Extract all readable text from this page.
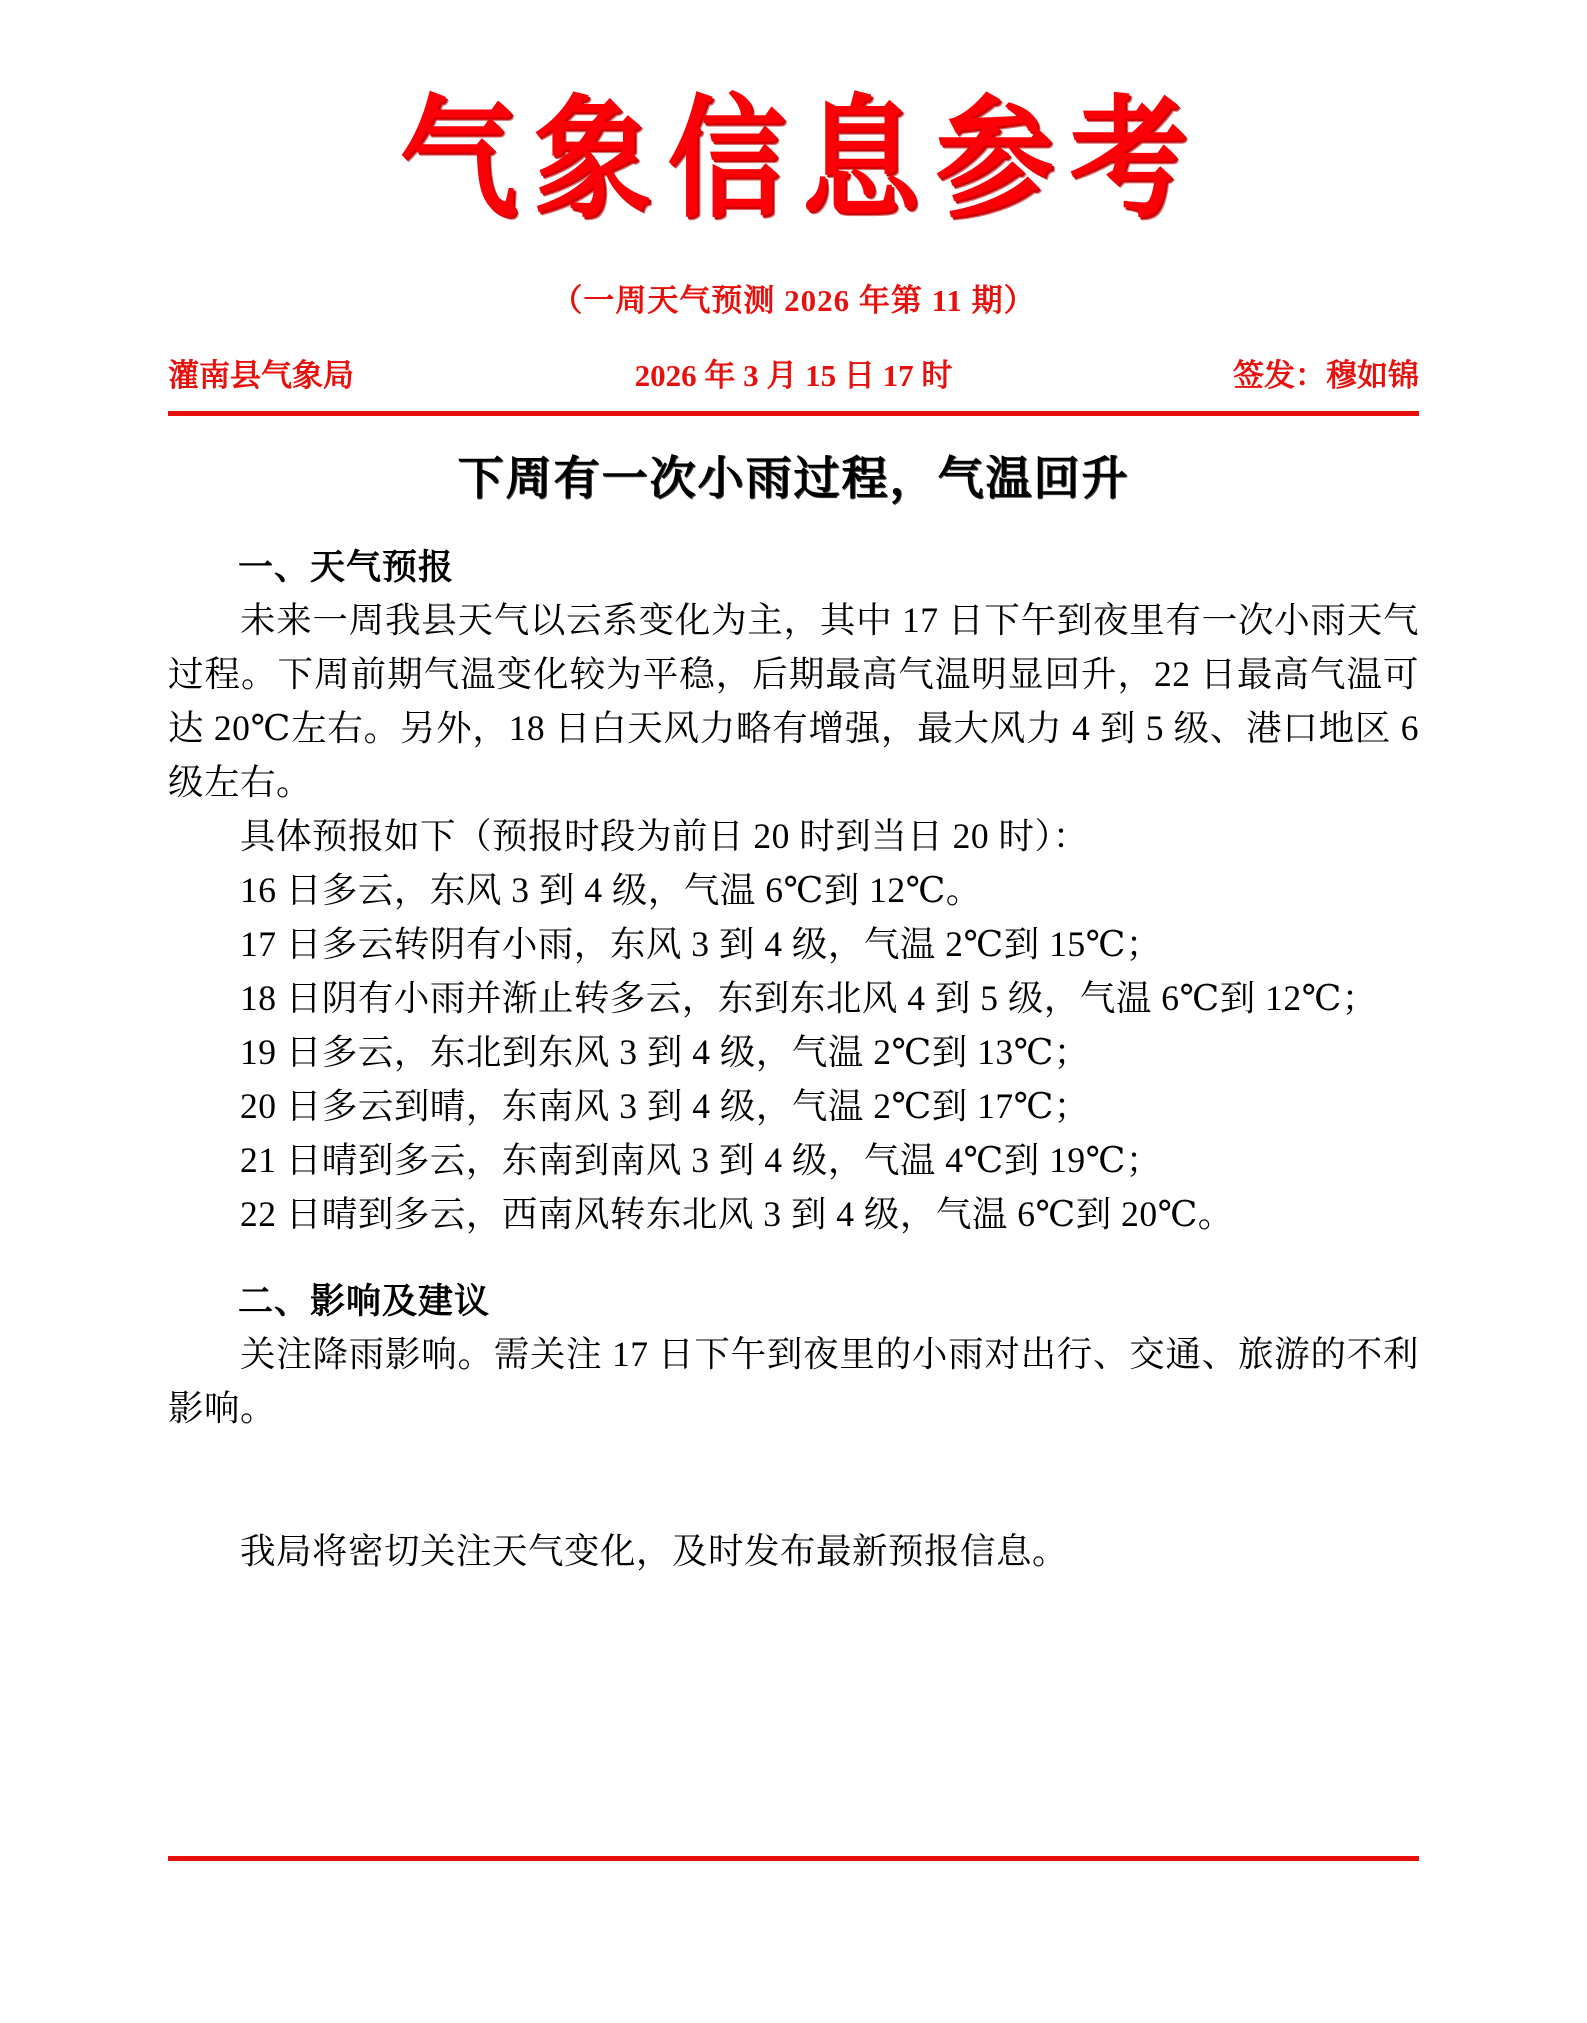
气象信息参考
（一周天气预测 2026 年第 11 期）
灌南县气象局	2026 年 3 月 15 日 17 时	签发：穆如锦
下周有一次小雨过程，气温回升
一、天气预报

未来一周我县天气以云系变化为主，其中 17 日下午到夜里有一次小雨天气过程。下周前期气温变化较为平稳，后期最高气温明显回升，22 日最高气温可达 20℃左右。另外，18 日白天风力略有增强，最大风力 4 到 5 级、港口地区 6 级左右。

具体预报如下（预报时段为前日 20 时到当日 20 时）：

16 日多云，东风 3 到 4 级，气温 6℃到 12℃。
17 日多云转阴有小雨，东风 3 到 4 级，气温 2℃到 15℃；
18 日阴有小雨并渐止转多云，东到东北风 4 到 5 级，气温 6℃到 12℃；
19 日多云，东北到东风 3 到 4 级，气温 2℃到 13℃；
20 日多云到晴，东南风 3 到 4 级，气温 2℃到 17℃；
21 日晴到多云，东南到南风 3 到 4 级，气温 4℃到 19℃；
22 日晴到多云，西南风转东北风 3 到 4 级，气温 6℃到 20℃。
二、影响及建议

关注降雨影响。需关注 17 日下午到夜里的小雨对出行、交通、旅游的不利影响。

我局将密切关注天气变化，及时发布最新预报信息。
